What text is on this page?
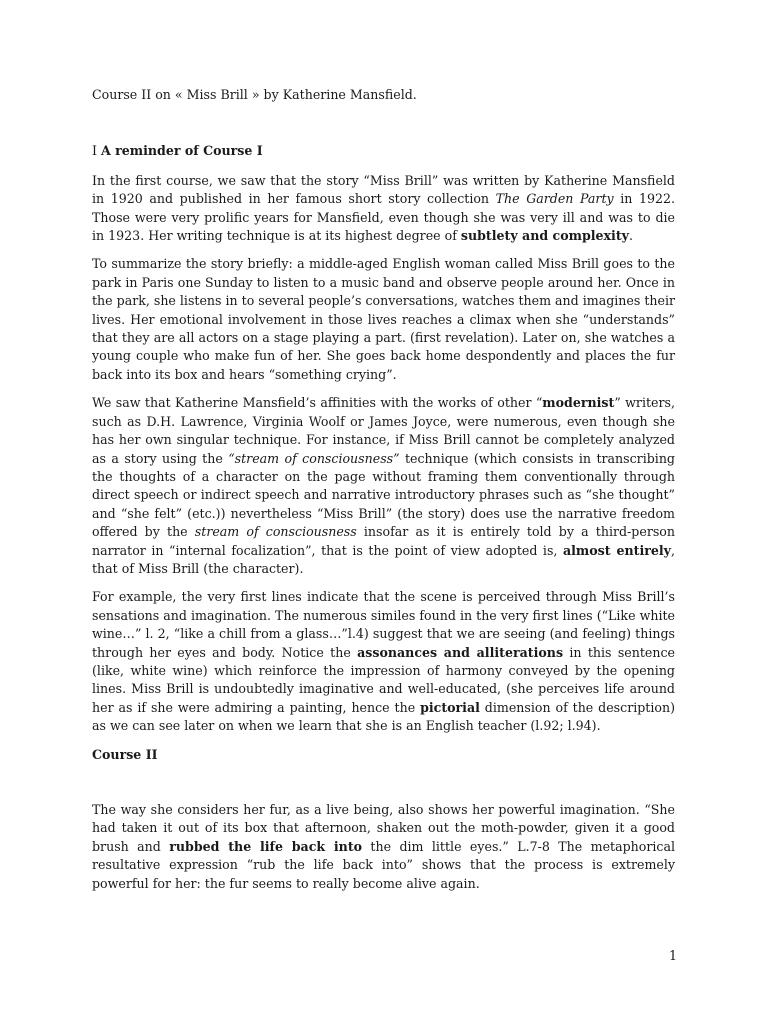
Course II on « Miss Brill » by Katherine Mansfield.

I A reminder of Course I

In the first course, we saw that the story “Miss Brill” was written by Katherine Mansfield in 1920 and published in her famous short story collection The Garden Party in 1922. Those were very prolific years for Mansfield, even though she was very ill and was to die in 1923. Her writing technique is at its highest degree of subtlety and complexity.

To summarize the story briefly: a middle-aged English woman called Miss Brill goes to the park in Paris one Sunday to listen to a music band and observe people around her. Once in the park, she listens in to several people’s conversations, watches them and imagines their lives. Her emotional involvement in those lives reaches a climax when she “understands” that they are all actors on a stage playing a part. (first revelation). Later on, she watches a young couple who make fun of her. She goes back home despondently and places the fur back into its box and hears “something crying”.

We saw that Katherine Mansfield’s affinities with the works of other “modernist” writers, such as D.H. Lawrence, Virginia Woolf or James Joyce, were numerous, even though she has her own singular technique. For instance, if Miss Brill cannot be completely analyzed as a story using the “stream of consciousness” technique (which consists in transcribing the thoughts of a character on the page without framing them conventionally through direct speech or indirect speech and narrative introductory phrases such as “she thought” and “she felt” (etc.)) nevertheless “Miss Brill” (the story) does use the narrative freedom offered by the stream of consciousness insofar as it is entirely told by a third-person narrator in “internal focalization”, that is the point of view adopted is, almost entirely, that of Miss Brill (the character).

For example, the very first lines indicate that the scene is perceived through Miss Brill’s sensations and imagination. The numerous similes found in the very first lines (“Like white wine…” l. 2, “like a chill from a glass…”l.4) suggest that we are seeing (and feeling) things through her eyes and body. Notice the assonances and alliterations in this sentence (like, white wine) which reinforce the impression of harmony conveyed by the opening lines. Miss Brill is undoubtedly imaginative and well-educated, (she perceives life around her as if she were admiring a painting, hence the pictorial dimension of the description) as we can see later on when we learn that she is an English teacher (l.92; l.94).

Course II

The way she considers her fur, as a live being, also shows her powerful imagination. “She had taken it out of its box that afternoon, shaken out the moth-powder, given it a good brush and rubbed the life back into the dim little eyes.” L.7-8 The metaphorical resultative expression “rub the life back into” shows that the process is extremely powerful for her: the fur seems to really become alive again.

1
